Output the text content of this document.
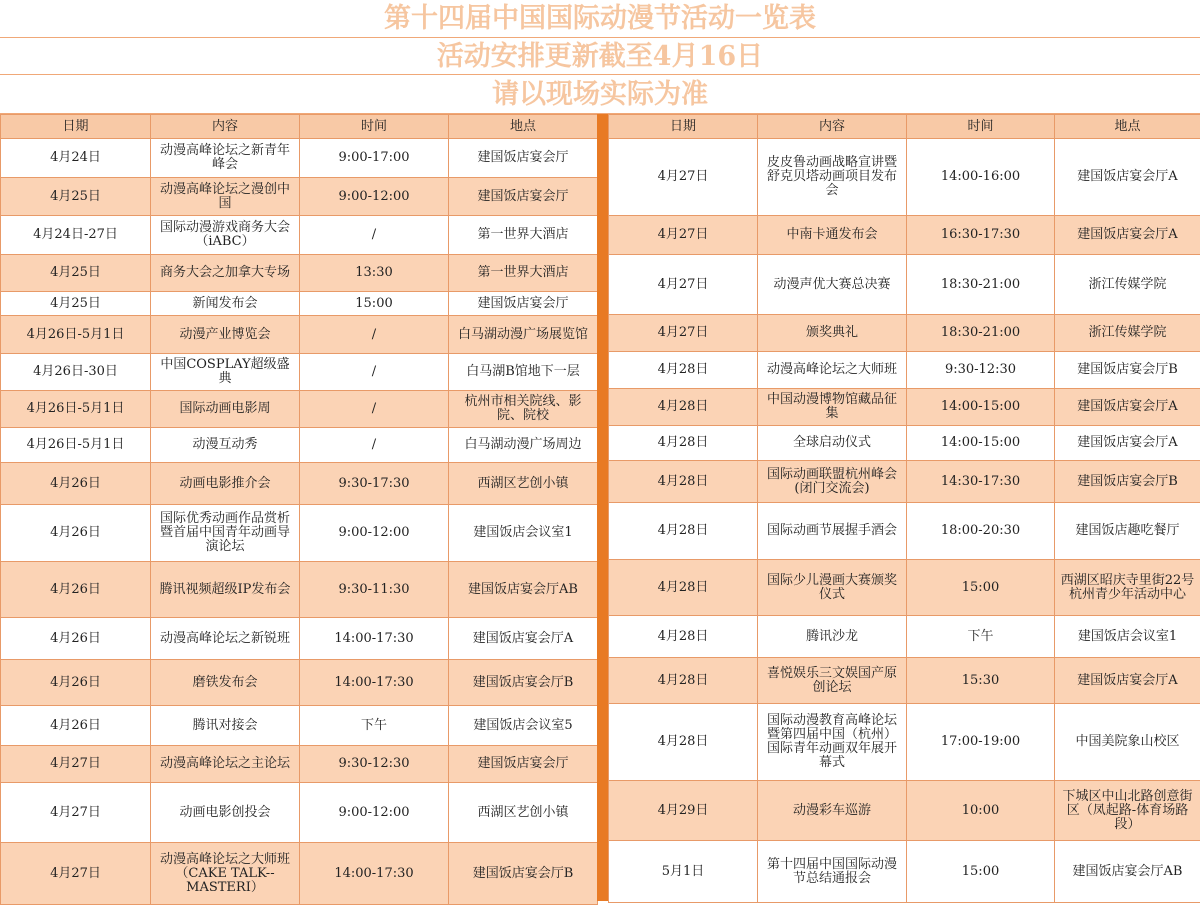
第十四届中国国际动漫节活动一览表
活动安排更新截至4月16日
请以现场实际为准
日期	内容	时间	地点
4月24日	动漫高峰论坛之新青年峰会	9:00-17:00	建国饭店宴会厅
4月25日	动漫高峰论坛之漫创中国	9:00-12:00	建国饭店宴会厅
4月24日-27日	国际动漫游戏商务大会（iABC）	/	第一世界大酒店
4月25日	商务大会之加拿大专场	13:30	第一世界大酒店
4月25日	新闻发布会	15:00	建国饭店宴会厅
4月26日-5月1日	动漫产业博览会	/	白马湖动漫广场展览馆
4月26日-30日	中国COSPLAY超级盛典	/	白马湖B馆地下一层
4月26日-5月1日	国际动画电影周	/	杭州市相关院线、影院、院校
4月26日-5月1日	动漫互动秀	/	白马湖动漫广场周边
4月26日	动画电影推介会	9:30-17:30	西湖区艺创小镇
4月26日	国际优秀动画作品赏析暨首届中国青年动画导演论坛	9:00-12:00	建国饭店会议室1
4月26日	腾讯视频超级IP发布会	9:30-11:30	建国饭店宴会厅AB
4月26日	动漫高峰论坛之新锐班	14:00-17:30	建国饭店宴会厅A
4月26日	磨铁发布会	14:00-17:30	建国饭店宴会厅B
4月26日	腾讯对接会	下午	建国饭店会议室5
4月27日	动漫高峰论坛之主论坛	9:30-12:30	建国饭店宴会厅
4月27日	动画电影创投会	9:00-12:00	西湖区艺创小镇
4月27日	动漫高峰论坛之大师班（CAKE TALK--MASTERI）	14:00-17:30	建国饭店宴会厅B
日期	内容	时间	地点
4月27日	皮皮鲁动画战略宣讲暨舒克贝塔动画项目发布会	14:00-16:00	建国饭店宴会厅A
4月27日	中南卡通发布会	16:30-17:30	建国饭店宴会厅A
4月27日	动漫声优大赛总决赛	18:30-21:00	浙江传媒学院
4月27日	颁奖典礼	18:30-21:00	浙江传媒学院
4月28日	动漫高峰论坛之大师班	9:30-12:30	建国饭店宴会厅B
4月28日	中国动漫博物馆藏品征集	14:00-15:00	建国饭店宴会厅A
4月28日	全球启动仪式	14:00-15:00	建国饭店宴会厅A
4月28日	国际动画联盟杭州峰会(闭门交流会)	14:30-17:30	建国饭店宴会厅B
4月28日	国际动画节展握手酒会	18:00-20:30	建国饭店趣吃餐厅
4月28日	国际少儿漫画大赛颁奖仪式	15:00	西湖区昭庆寺里街22号杭州青少年活动中心
4月28日	腾讯沙龙	下午	建国饭店会议室1
4月28日	喜悦娱乐三文娱国产原创论坛	15:30	建国饭店宴会厅A
4月28日	国际动漫教育高峰论坛暨第四届中国（杭州）国际青年动画双年展开幕式	17:00-19:00	中国美院象山校区
4月29日	动漫彩车巡游	10:00	下城区中山北路创意街区（凤起路-体育场路段）
5月1日	第十四届中国国际动漫节总结通报会	15:00	建国饭店宴会厅AB
